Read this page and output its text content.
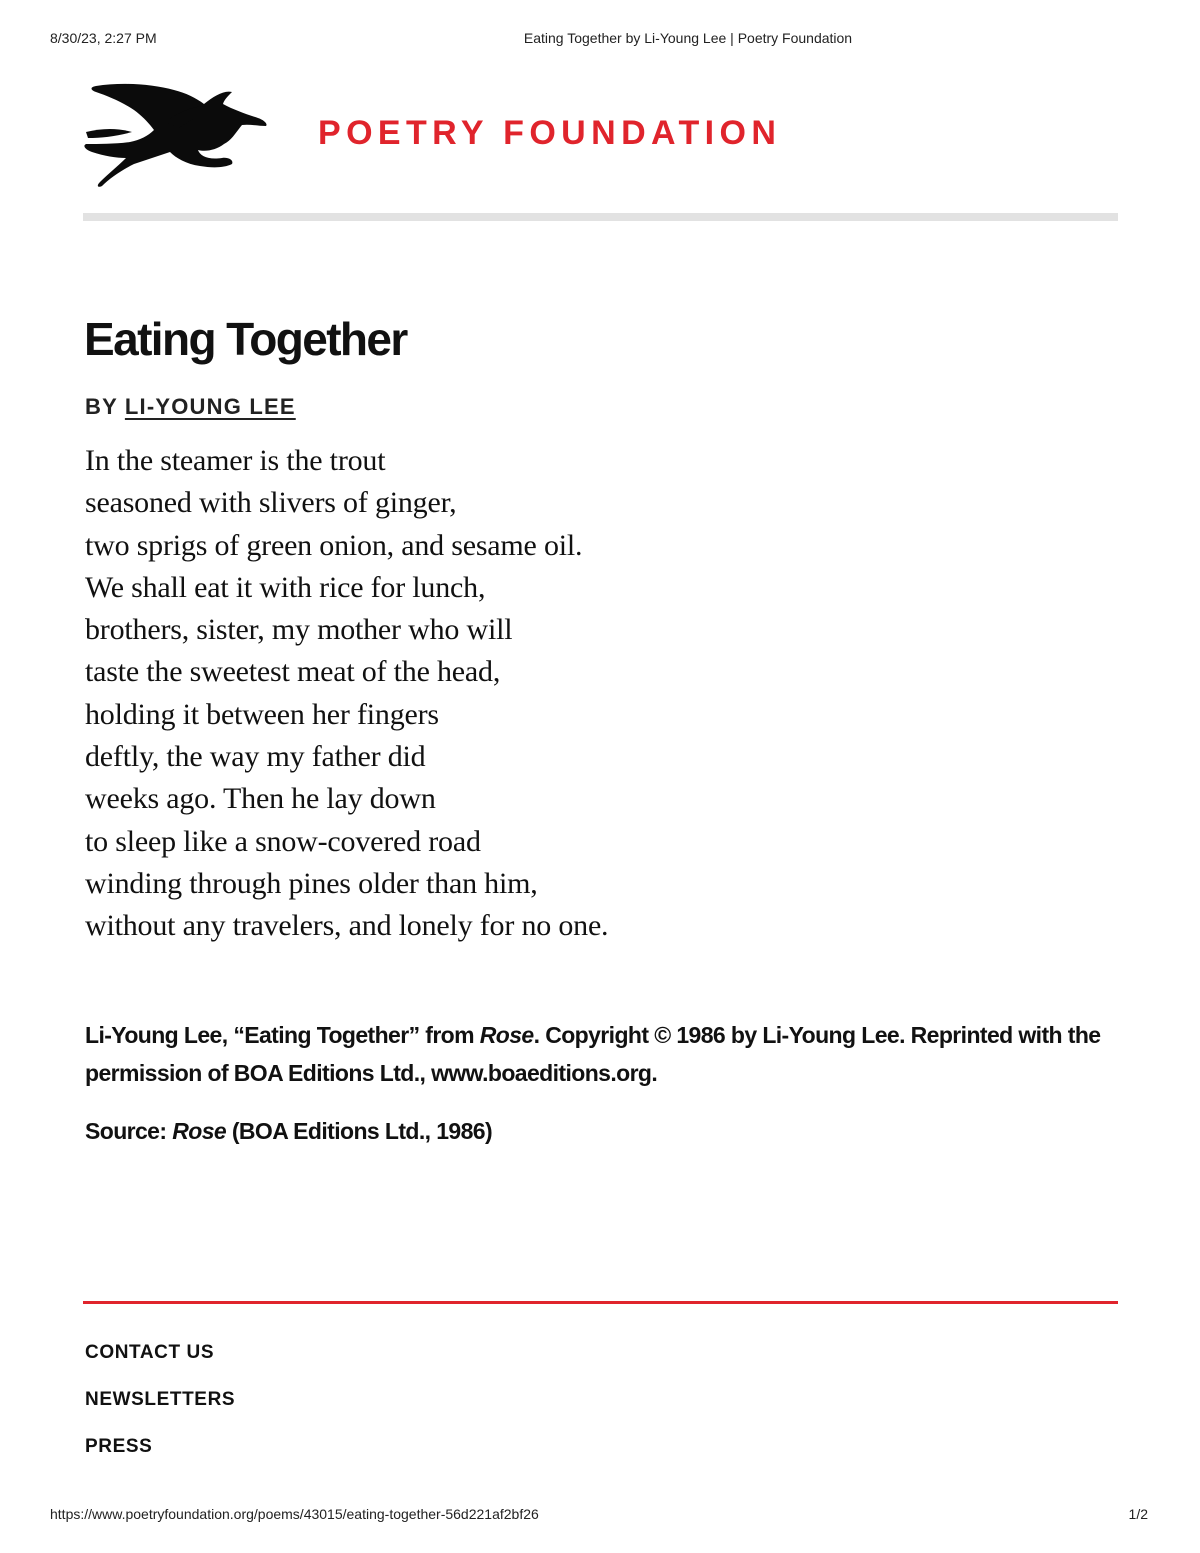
8/30/23, 2:27 PM	Eating Together by Li-Young Lee | Poetry Foundation
POETRY FOUNDATION
Eating Together
BY LI-YOUNG LEE
In the steamer is the trout
seasoned with slivers of ginger,
two sprigs of green onion, and sesame oil.
We shall eat it with rice for lunch,
brothers, sister, my mother who will
taste the sweetest meat of the head,
holding it between her fingers
deftly, the way my father did
weeks ago. Then he lay down
to sleep like a snow-covered road
winding through pines older than him,
without any travelers, and lonely for no one.
Li-Young Lee, “Eating Together” from Rose. Copyright © 1986 by Li-Young Lee. Reprinted with the permission of BOA Editions Ltd., www.boaeditions.org.
Source: Rose (BOA Editions Ltd., 1986)
CONTACT US
NEWSLETTERS
PRESS
https://www.poetryfoundation.org/poems/43015/eating-together-56d221af2bf26	1/2
